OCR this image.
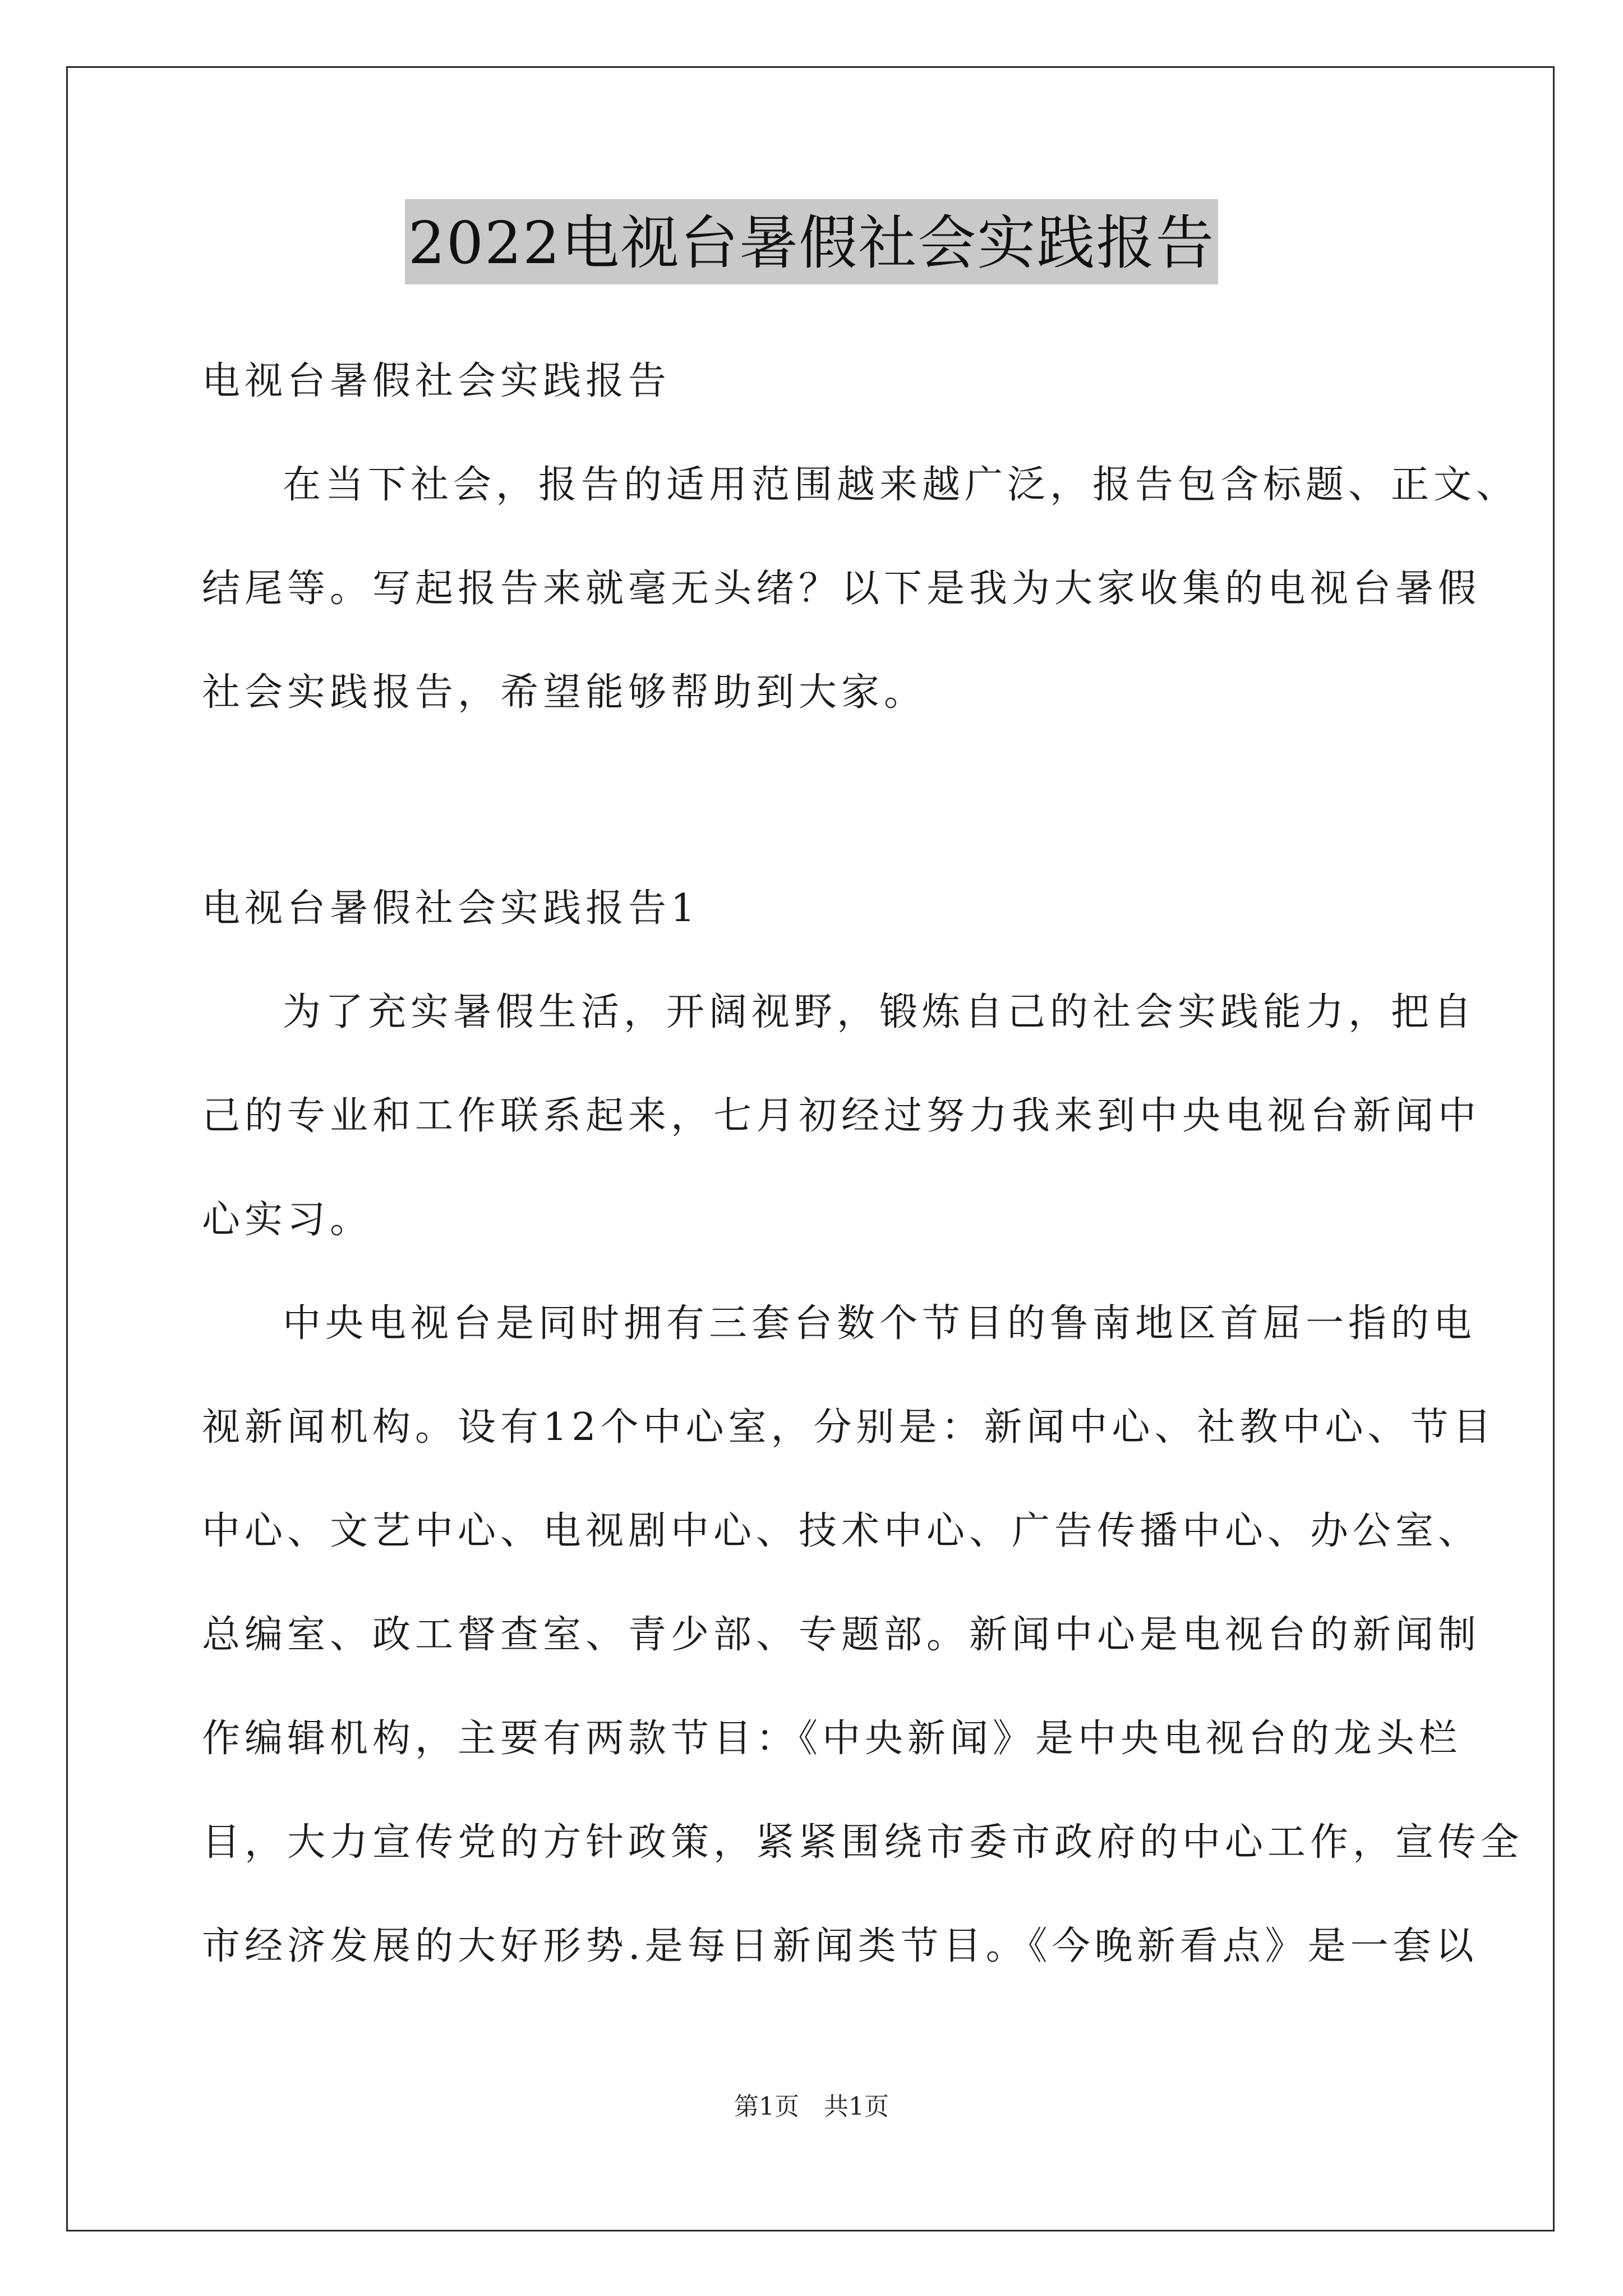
2022电视台暑假社会实践报告
电视台暑假社会实践报告
在当下社会，报告的适用范围越来越广泛，报告包含标题、正文、
结尾等。写起报告来就毫无头绪？以下是我为大家收集的电视台暑假
社会实践报告，希望能够帮助到大家。
电视台暑假社会实践报告1
为了充实暑假生活，开阔视野，锻炼自己的社会实践能力，把自
己的专业和工作联系起来，七月初经过努力我来到中央电视台新闻中
心实习。
中央电视台是同时拥有三套台数个节目的鲁南地区首屈一指的电
视新闻机构。设有12个中心室，分别是：新闻中心、社教中心、节目
中心、文艺中心、电视剧中心、技术中心、广告传播中心、办公室、
总编室、政工督查室、青少部、专题部。新闻中心是电视台的新闻制
作编辑机构，主要有两款节目：《中央新闻》是中央电视台的龙头栏
目，大力宣传党的方针政策，紧紧围绕市委市政府的中心工作，宣传全
市经济发展的大好形势.是每日新闻类节目。《今晚新看点》是一套以
第1页　共1页
